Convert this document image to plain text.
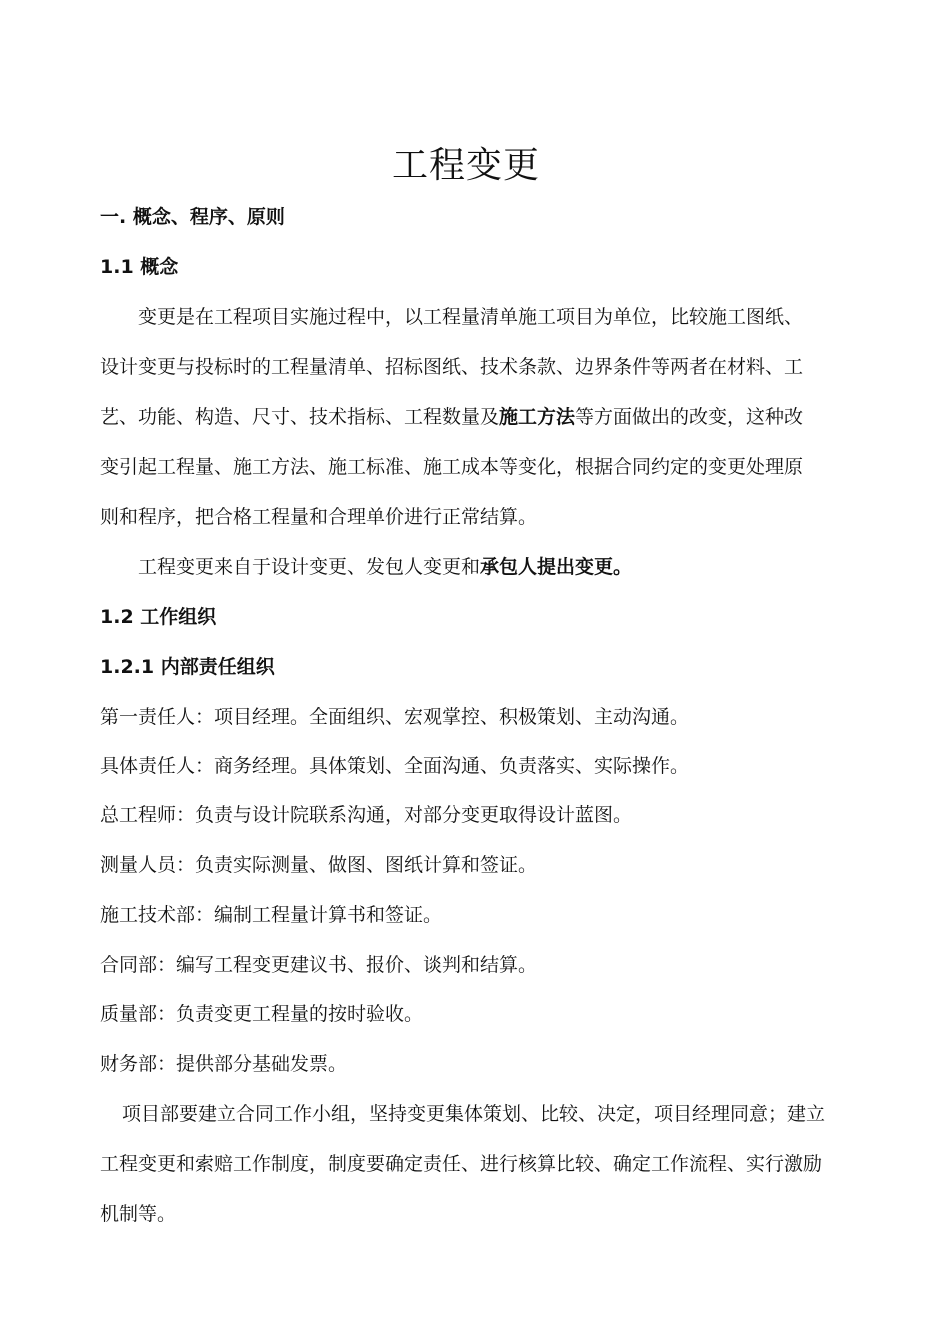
工程变更
一. 概念、程序、原则
1.1 概念
变更是在工程项目实施过程中，以工程量清单施工项目为单位，比较施工图纸、
设计变更与投标时的工程量清单、招标图纸、技术条款、边界条件等两者在材料、工
艺、功能、构造、尺寸、技术指标、工程数量及施工方法等方面做出的改变，这种改
变引起工程量、施工方法、施工标准、施工成本等变化，根据合同约定的变更处理原
则和程序，把合格工程量和合理单价进行正常结算。
工程变更来自于设计变更、发包人变更和承包人提出变更。
1.2 工作组织
1.2.1 内部责任组织
第一责任人：项目经理。全面组织、宏观掌控、积极策划、主动沟通。
具体责任人：商务经理。具体策划、全面沟通、负责落实、实际操作。
总工程师：负责与设计院联系沟通，对部分变更取得设计蓝图。
测量人员：负责实际测量、做图、图纸计算和签证。
施工技术部：编制工程量计算书和签证。
合同部：编写工程变更建议书、报价、谈判和结算。
质量部：负责变更工程量的按时验收。
财务部：提供部分基础发票。
项目部要建立合同工作小组，坚持变更集体策划、比较、决定，项目经理同意；建立
工程变更和索赔工作制度，制度要确定责任、进行核算比较、确定工作流程、实行激励
机制等。
